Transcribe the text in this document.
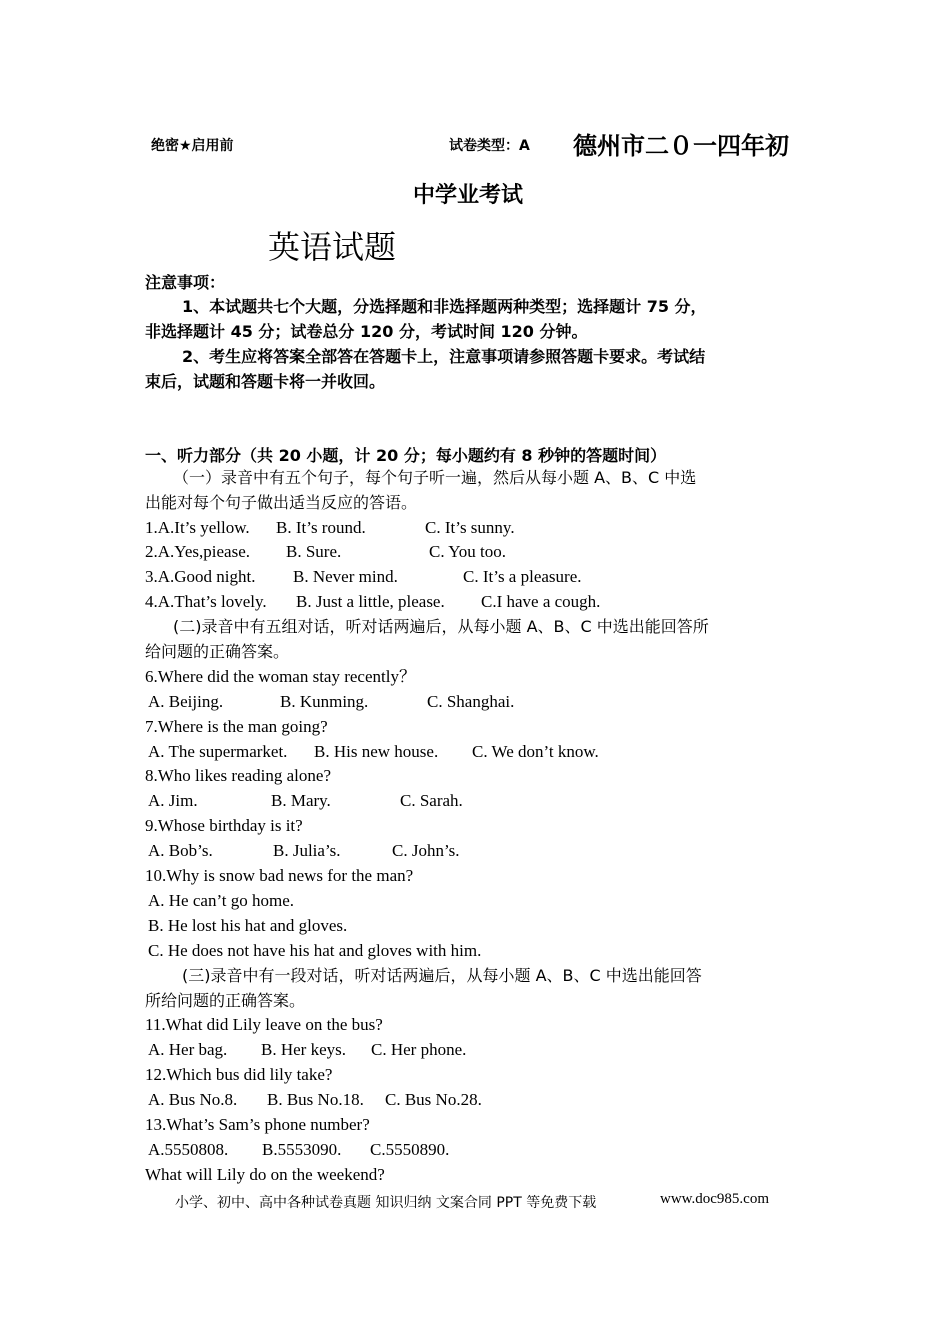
绝密★启用前	试卷类型：A 德州市二０一四年初
中学业考试
英语试题
注意事项：
1、本试题共七个大题，分选择题和非选择题两种类型；选择题计 75 分，
非选择题计 45 分；试卷总分 120 分，考试时间 120 分钟。
2、考生应将答案全部答在答题卡上，注意事项请参照答题卡要求。考试结
束后，试题和答题卡将一并收回。
一、听力部分（共 20 小题，计 20 分；每小题约有 8 秒钟的答题时间）
（一）录音中有五个句子，每个句子听一遍，然后从每小题 A、B、C 中选
出能对每个句子做出适当反应的答语。
1.A.It’s yellow. B. It’s round.	C. It’s sunny.
2.A.Yes,piease. B. Sure.	C. You too.
3.A.Good night. B. Never mind.	C. It’s a pleasure.
4.A.That’s lovely. B. Just a little, please. C.I have a cough.
(二)录音中有五组对话，听对话两遍后，从每小题 A、B、C 中选出能回答所
给问题的正确答案。
6.Where did the woman stay recently？
A. Beijing.	B. Kunming.	C. Shanghai.
7.Where is the man going?
A. The supermarket. B. His new house. C. We don’t know.
8.Who likes reading alone?
A. Jim.	B. Mary.	C. Sarah.
9.Whose birthday is it?
A. Bob’s.	B. Julia’s.	C. John’s.
10.Why is snow bad news for the man?
A. He can’t go home.
B. He lost his hat and gloves.
C. He does not have his hat and gloves with him.
(三)录音中有一段对话，听对话两遍后，从每小题 A、B、C 中选出能回答
所给问题的正确答案。
11.What did Lily leave on the bus?
A. Her bag. B. Her keys. C. Her phone.
12.Which bus did lily take?
A. Bus No.8. B. Bus No.18. C. Bus No.28.
13.What’s Sam’s phone number?
A.5550808. B.5553090. C.5550890.
What will Lily do on the weekend?
小学、初中、高中各种试卷真题 知识归纳 文案合同 PPT 等免费下载	www.doc985.com
